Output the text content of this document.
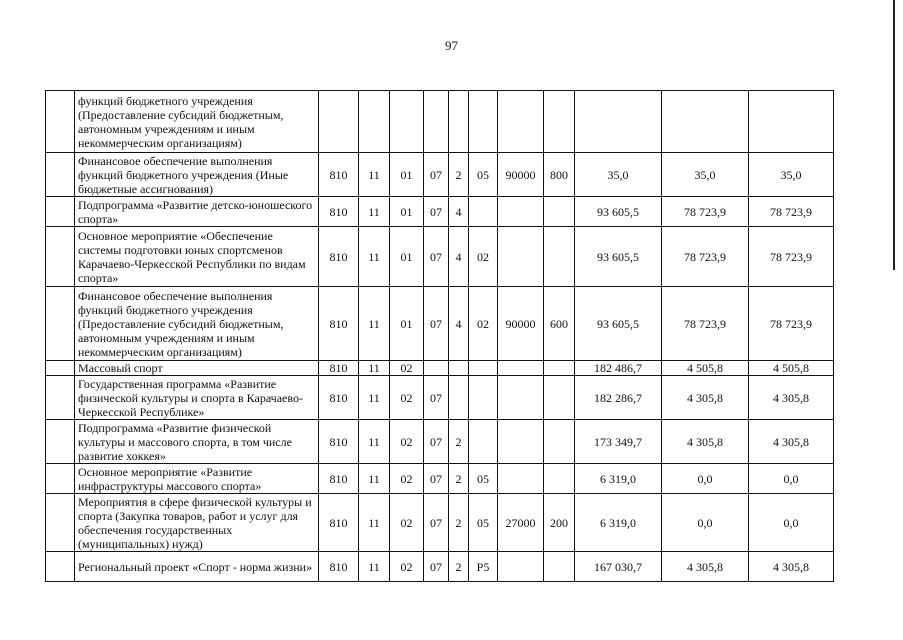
97
	функций бюджетного учреждения (Предоставление субсидий бюджетным, автономным учреждениям и иным некоммерческим организациям)											
	Финансовое обеспечение выполнения функций бюджетного учреждения (Иные бюджетные ассигнования)	810	11	01	07	2	05	90000	800	35,0	35,0	35,0
	Подпрограмма «Развитие детско-юношеского спорта»	810	11	01	07	4				93 605,5	78 723,9	78 723,9
	Основное мероприятие «Обеспечение системы подготовки юных спортсменов Карачаево-Черкесской Республики по видам спорта»	810	11	01	07	4	02			93 605,5	78 723,9	78 723,9
	Финансовое обеспечение выполнения функций бюджетного учреждения (Предоставление субсидий бюджетным, автономным учреждениям и иным некоммерческим организациям)	810	11	01	07	4	02	90000	600	93 605,5	78 723,9	78 723,9
	Массовый спорт	810	11	02						182 486,7	4 505,8	4 505,8
	Государственная программа «Развитие физической культуры и спорта в Карачаево-Черкесской Республике»	810	11	02	07					182 286,7	4 305,8	4 305,8
	Подпрограмма «Развитие физической культуры и массового спорта, в том числе развитие хоккея»	810	11	02	07	2				173 349,7	4 305,8	4 305,8
	Основное мероприятие «Развитие инфраструктуры массового спорта»	810	11	02	07	2	05			6 319,0	0,0	0,0
	Мероприятия в сфере физической культуры и спорта (Закупка товаров, работ и услуг для обеспечения государственных (муниципальных) нужд)	810	11	02	07	2	05	27000	200	6 319,0	0,0	0,0
	Региональный проект «Спорт - норма жизни»	810	11	02	07	2	P5			167 030,7	4 305,8	4 305,8
